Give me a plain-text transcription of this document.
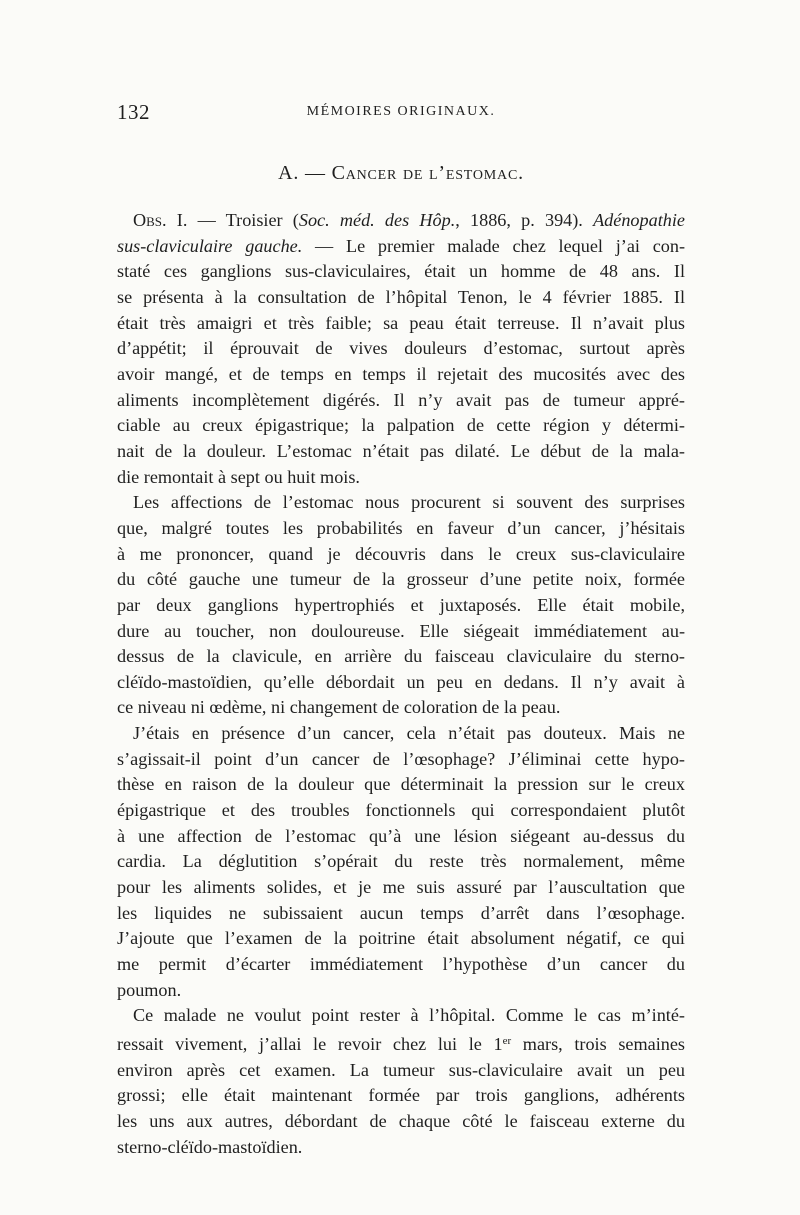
132	MÉMOIRES ORIGINAUX.
A. — Cancer de l’estomac.
Obs. I. — Troisier (Soc. méd. des Hôp., 1886, p. 394). Adénopathie
sus-claviculaire gauche. — Le premier malade chez lequel j’ai con-
staté ces ganglions sus-claviculaires, était un homme de 48 ans. Il
se présenta à la consultation de l’hôpital Tenon, le 4 février 1885. Il
était très amaigri et très faible; sa peau était terreuse. Il n’avait plus
d’appétit; il éprouvait de vives douleurs d’estomac, surtout après
avoir mangé, et de temps en temps il rejetait des mucosités avec des
aliments incomplètement digérés. Il n’y avait pas de tumeur appré-
ciable au creux épigastrique; la palpation de cette région y détermi-
nait de la douleur. L’estomac n’était pas dilaté. Le début de la mala-
die remontait à sept ou huit mois.
Les affections de l’estomac nous procurent si souvent des surprises
que, malgré toutes les probabilités en faveur d’un cancer, j’hésitais
à me prononcer, quand je découvris dans le creux sus-claviculaire
du côté gauche une tumeur de la grosseur d’une petite noix, formée
par deux ganglions hypertrophiés et juxtaposés. Elle était mobile,
dure au toucher, non douloureuse. Elle siégeait immédiatement au-
dessus de la clavicule, en arrière du faisceau claviculaire du sterno-
cléïdo-mastoïdien, qu’elle débordait un peu en dedans. Il n’y avait à
ce niveau ni œdème, ni changement de coloration de la peau.
J’étais en présence d’un cancer, cela n’était pas douteux. Mais ne
s’agissait-il point d’un cancer de l’œsophage? J’éliminai cette hypo-
thèse en raison de la douleur que déterminait la pression sur le creux
épigastrique et des troubles fonctionnels qui correspondaient plutôt
à une affection de l’estomac qu’à une lésion siégeant au-dessus du
cardia. La déglutition s’opérait du reste très normalement, même
pour les aliments solides, et je me suis assuré par l’auscultation que
les liquides ne subissaient aucun temps d’arrêt dans l’œsophage.
J’ajoute que l’examen de la poitrine était absolument négatif, ce qui
me permit d’écarter immédiatement l’hypothèse d’un cancer du
poumon.
Ce malade ne voulut point rester à l’hôpital. Comme le cas m’inté-
ressait vivement, j’allai le revoir chez lui le 1er mars, trois semaines
environ après cet examen. La tumeur sus-claviculaire avait un peu
grossi; elle était maintenant formée par trois ganglions, adhérents
les uns aux autres, débordant de chaque côté le faisceau externe du
sterno-cléïdo-mastoïdien.
